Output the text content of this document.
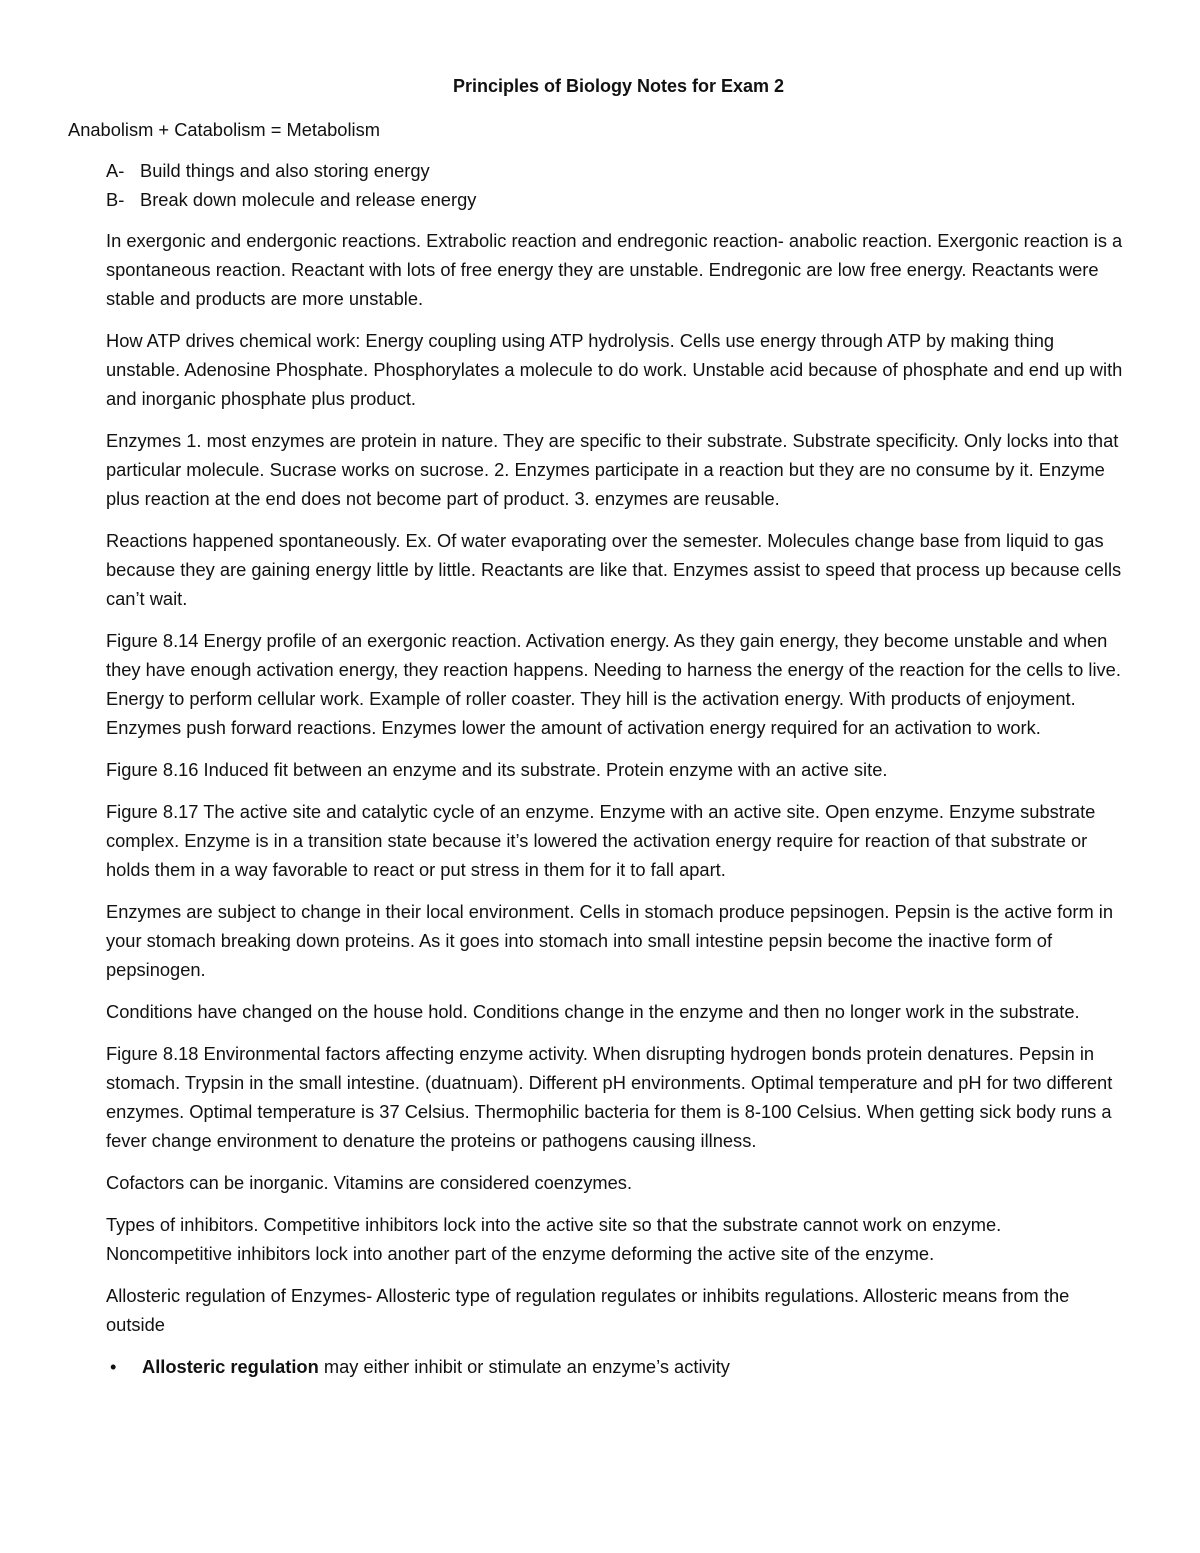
Principles of Biology Notes for Exam 2
Anabolism + Catabolism = Metabolism
A- Build things and also storing energy
B- Break down molecule and release energy

In exergonic and endergonic reactions. Extrabolic reaction and endregonic reaction- anabolic reaction. Exergonic reaction is a spontaneous reaction. Reactant with lots of free energy they are unstable. Endregonic are low free energy. Reactants were stable and products are more unstable.

How ATP drives chemical work: Energy coupling using ATP hydrolysis. Cells use energy through ATP by making thing unstable. Adenosine Phosphate. Phosphorylates a molecule to do work. Unstable acid because of phosphate and end up with and inorganic phosphate plus product.

Enzymes 1. most enzymes are protein in nature. They are specific to their substrate. Substrate specificity. Only locks into that particular molecule. Sucrase works on sucrose. 2. Enzymes participate in a reaction but they are no consume by it. Enzyme plus reaction at the end does not become part of product. 3. enzymes are reusable.

Reactions happened spontaneously. Ex. Of water evaporating over the semester. Molecules change base from liquid to gas because they are gaining energy little by little. Reactants are like that. Enzymes assist to speed that process up because cells can’t wait.

Figure 8.14 Energy profile of an exergonic reaction. Activation energy. As they gain energy, they become unstable and when they have enough activation energy, they reaction happens. Needing to harness the energy of the reaction for the cells to live. Energy to perform cellular work. Example of roller coaster. They hill is the activation energy. With products of enjoyment. Enzymes push forward reactions. Enzymes lower the amount of activation energy required for an activation to work.

Figure 8.16 Induced fit between an enzyme and its substrate. Protein enzyme with an active site.

Figure 8.17 The active site and catalytic cycle of an enzyme. Enzyme with an active site. Open enzyme. Enzyme substrate complex. Enzyme is in a transition state because it’s lowered the activation energy require for reaction of that substrate or holds them in a way favorable to react or put stress in them for it to fall apart.

Enzymes are subject to change in their local environment. Cells in stomach produce pepsinogen. Pepsin is the active form in your stomach breaking down proteins. As it goes into stomach into small intestine pepsin become the inactive form of pepsinogen.

Conditions have changed on the house hold. Conditions change in the enzyme and then no longer work in the substrate.

Figure 8.18 Environmental factors affecting enzyme activity. When disrupting hydrogen bonds protein denatures. Pepsin in stomach. Trypsin in the small intestine. (duatnuam). Different pH environments. Optimal temperature and pH for two different enzymes. Optimal temperature is 37 Celsius. Thermophilic bacteria for them is 8-100 Celsius. When getting sick body runs a fever change environment to denature the proteins or pathogens causing illness.

Cofactors can be inorganic. Vitamins are considered coenzymes.

Types of inhibitors. Competitive inhibitors lock into the active site so that the substrate cannot work on enzyme. Noncompetitive inhibitors lock into another part of the enzyme deforming the active site of the enzyme.

Allosteric regulation of Enzymes- Allosteric type of regulation regulates or inhibits regulations. Allosteric means from the outside

• Allosteric regulation may either inhibit or stimulate an enzyme’s activity
